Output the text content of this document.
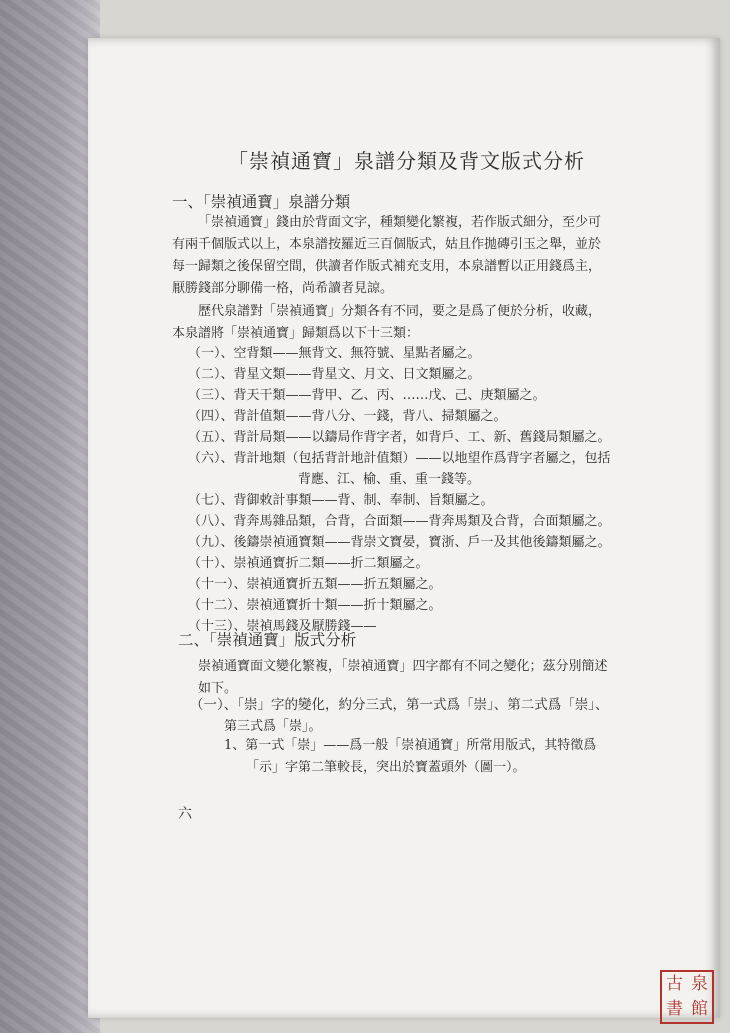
「崇禎通寶」泉譜分類及背文版式分析
一、「崇禎通寶」泉譜分類
「崇禎通寶」錢由於背面文字，種類變化繁複，若作版式細分，至少可
有兩千個版式以上，本泉譜按羅近三百個版式，姑且作拋磚引玉之舉，並於
每一歸類之後保留空間，供讀者作版式補充支用，本泉譜暫以正用錢爲主，
厭勝錢部分聊備一格，尚希讀者見諒。
歷代泉譜對「崇禎通寶」分類各有不同，要之是爲了便於分析，收藏，
本泉譜將「崇禎通寶」歸類爲以下十三類：
（一）、空背類——無背文、無符號、星點者屬之。
（二）、背星文類——背星文、月文、日文類屬之。
（三）、背天干類——背甲、乙、丙、……戊、己、庚類屬之。
（四）、背計值類——背八分、一錢，背八、掃類屬之。
（五）、背計局類——以鑄局作背字者，如背戶、工、新、舊錢局類屬之。
（六）、背計地類（包括背計地計值類）——以地望作爲背字者屬之，包括
背應、江、榆、重、重一錢等。
（七）、背御敕計事類——背、制、奉制、旨類屬之。
（八）、背奔馬雜品類，合背，合面類——背奔馬類及合背，合面類屬之。
（九）、後鑄崇禎通寶類——背崇文寶晏，寶浙、戶一及其他後鑄類屬之。
（十）、崇禎通寶折二類——折二類屬之。
（十一）、崇禎通寶折五類——折五類屬之。
（十二）、崇禎通寶折十類——折十類屬之。
（十三）、崇禎馬錢及厭勝錢——
二、「崇禎通寶」版式分析
崇禎通寶面文變化繁複，「崇禎通寶」四字都有不同之變化；茲分別簡述
如下。
（一）、「崇」字的變化，約分三式，第一式爲「崇」、第二式爲「崇」、
第三式爲「崇」。
1、第一式「崇」——爲一般「崇禎通寶」所常用版式，其特徵爲
「示」字第二筆較長，突出於寶蓋頭外（圖一）。
六
古 泉
書 館
